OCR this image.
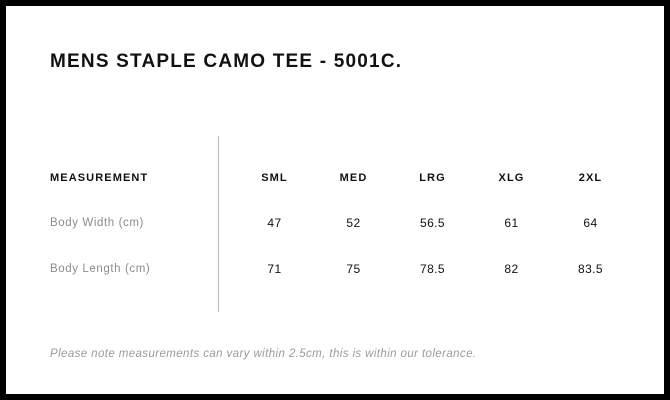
MENS STAPLE CAMO TEE - 5001C.
MEASUREMENT	SML	MED	LRG	XLG	2XL
Body Width (cm)	47	52	56.5	61	64
Body Length (cm)	71	75	78.5	82	83.5
Please note measurements can vary within 2.5cm, this is within our tolerance.
